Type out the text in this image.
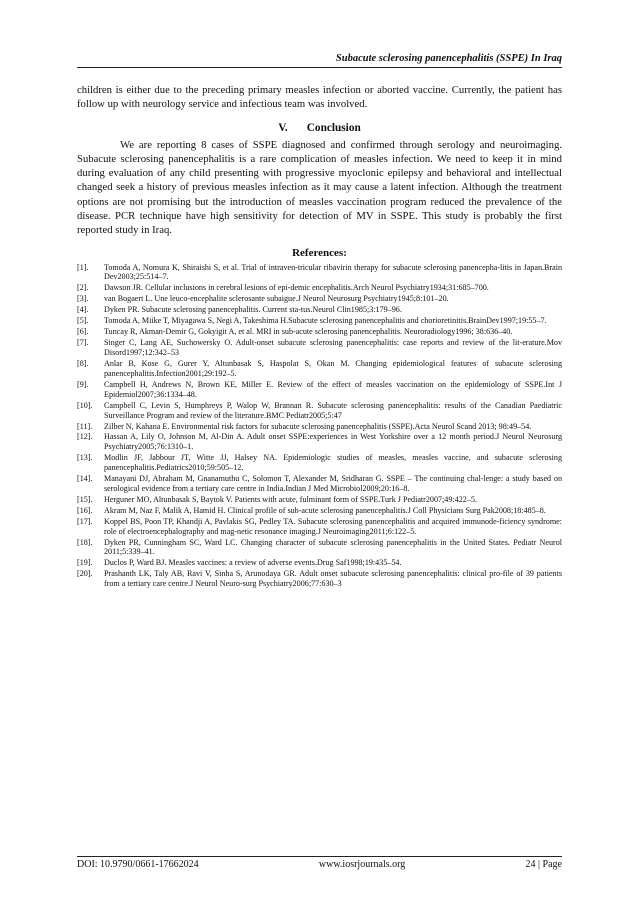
Subacute sclerosing panencephalitis (SSPE) In Iraq

children is either due to the preceding primary measles infection or aborted vaccine. Currently, the patient has follow up with neurology service and infectious team was involved.

V. Conclusion

We are reporting 8 cases of SSPE diagnosed and confirmed through serology and neuroimaging. Subacute sclerosing panencephalitis is a rare complication of measles infection. We need to keep it in mind during evaluation of any child presenting with progressive myoclonic epilepsy and behavioral and intellectual changed seek a history of previous measles infection as it may cause a latent infection. Although the treatment options are not promising but the introduction of measles vaccination program reduced the prevalence of the disease. PCR technique have high sensitivity for detection of MV in SSPE. This study is probably the first reported study in Iraq.

References:
[1].	Tomoda A, Nomura K, Shiraishi S, et al. Trial of intraven-tricular ribavirin therapy for subacute sclerosing panencepha-litis in Japan.Brain Dev2003;25:514–7.
[2].	Dawson JR. Cellular inclusions in cerebral lesions of epi-demic encephalitis.Arch Neurol Psychiatry1934;31:685–700.
[3].	van Bogaert L. Une leuco-encephalite sclerosante subaigue.J Neurol Neurosurg Psychiatry1945;8:101–20.
[4].	Dyken PR. Subacute sclerosing panencephalitis. Current sta-tus.Neurol Clin1985;3:179–96.
[5].	Tomoda A, Miike T, Miyagawa S, Negi A, Takeshima H.Subacute sclerosing panencephalitis and chorioretinitis.BrainDev1997;19:55–7.
[6].	Tuncay R, Akman-Demir G, Gokyigit A, et al. MRI in sub-acute sclerosing panencephalitis. Neuroradiology1996; 38:636–40.
[7].	Singer C, Lang AE, Suchowersky O. Adult-onset subacute sclerosing panencephalitis: case reports and review of the lit-erature.Mov Disord1997;12:342–53
[8].	Anlar B, Kose G, Gurer Y, Altunbasak S, Haspolat S, Okan M. Changing epidemiological features of subacute sclerosing panencephalitis.Infection2001;29:192–5.
[9].	Campbell H, Andrews N, Brown KE, Miller E. Review of the effect of measles vaccination on the epidemiology of SSPE.Int J Epidemiol2007;36:1334–48.
[10].	Campbell C, Levin S, Humphreys P, Walop W, Brannan R. Subacute sclerosing panencephalitis: results of the Canadian Paediatric Surveillance Program and review of the literature.BMC Pediatr2005;5:47
[11].	Zilber N, Kahana E. Environmental risk factors for subacute sclerosing panencephalitis (SSPE).Acta Neurol Scand 2013; 98:49–54.
[12].	Hassan A, Lily O, Johnson M, Al-Din A. Adult onset SSPE:experiences in West Yorkshire over a 12 month period.J Neurol Neurosurg Psychiatry2005;76:1310–1.
[13].	Modlin JF, Jabbour JT, Witte JJ, Halsey NA. Epidemiologic studies of measles, measles vaccine, and subacute sclerosing panencephalitis.Pediatrics2010;59:505–12.
[14].	Manayani DJ, Abraham M, Gnanamuthu C, Solomon T, Alexander M, Sridharan G. SSPE – The continuing chal-lenge: a study based on serological evidence from a tertiary care centre in India.Indian J Med Microbiol2009;20:16–8.
[15].	Herguner MO, Altunbasak S, Baytok V. Patients with acute, fulminant form of SSPE.Turk J Pediatr2007;49:422–5.
[16].	Akram M, Naz F, Malik A, Hamid H. Clinical profile of sub-acute sclerosing panencephalitis.J Coll Physicians Surg Pak2008;18:485–8.
[17].	Koppel BS, Poon TP, Khandji A, Pavlakis SG, Pedley TA. Subacute sclerosing panencephalitis and acquired immunode-ficiency syndrome: role of electroencephalography and mag-netic resonance imaging.J Neuroimaging2011;6:122–5.
[18].	Dyken PR, Cunningham SC, Ward LC. Changing character of subacute sclerosing panencephalitis in the United States. Pediatr Neurol 2011;5:339–41.
[19].	Duclos P, Ward BJ. Measles vaccines: a review of adverse events.Drug Saf1998;19:435–54.
[20].	Prashanth LK, Taly AB, Ravi V, Sinha S, Arunodaya GR. Adult onset subacute sclerosing panencephalitis: clinical pro-file of 39 patients from a tertiary care centre.J Neurol Neuro-surg Psychiatry2006;77:630–3
DOI: 10.9790/0661-17662024	www.iosrjournals.org	24 | Page
